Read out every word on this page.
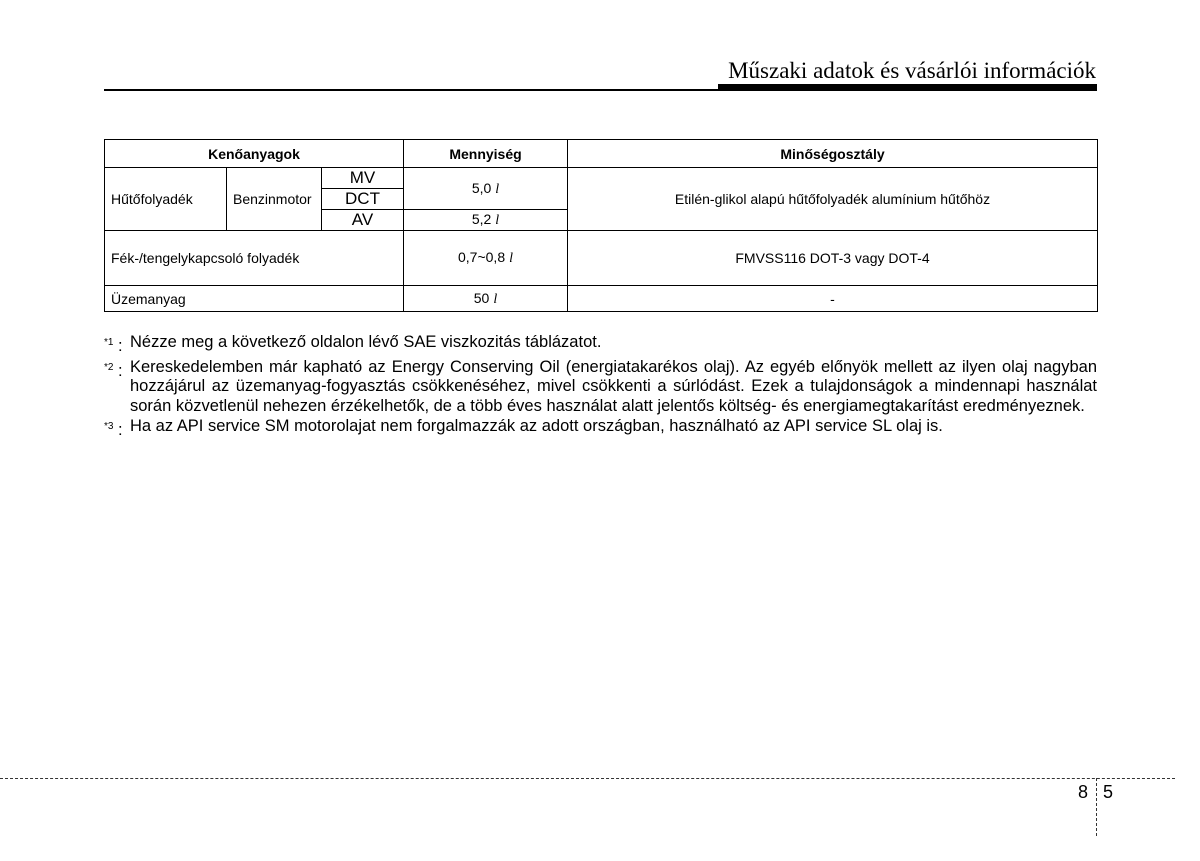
Műszaki adatok és vásárlói információk
Kenőanyagok			Mennyiség	Minőségosztály
Hűtőfolyadék	Benzinmotor	MV	5,0 l	Etilén-glikol alapú hűtőfolyadék alumínium hűtőhöz
		DCT		
		AV	5,2 l	
Fék-/tengelykapcsoló folyadék			0,7~0,8 l	FMVSS116 DOT-3 vagy DOT-4
Üzemanyag			50 l	-
$^{*1}$ : Nézze meg a következő oldalon lévő SAE viszkozitás táblázatot.
$^{*2}$ : Kereskedelemben már kapható az Energy Conserving Oil (energiatakarékos olaj). Az egyéb előnyök mellett az ilyen olaj nagyban hozzájárul az üzemanyag-fogyasztás csökkenéséhez, mivel csökkenti a súrlódást. Ezek a tulajdonságok a mindennapi használat során közvetlenül nehezen érzékelhetők, de a több éves használat alatt jelentős költség- és energiamegtakarítást eredményeznek.
$^{*3}$ : Ha az API service SM motorolajat nem forgalmazzák az adott országban, használható az API service SL olaj is.
8 5
